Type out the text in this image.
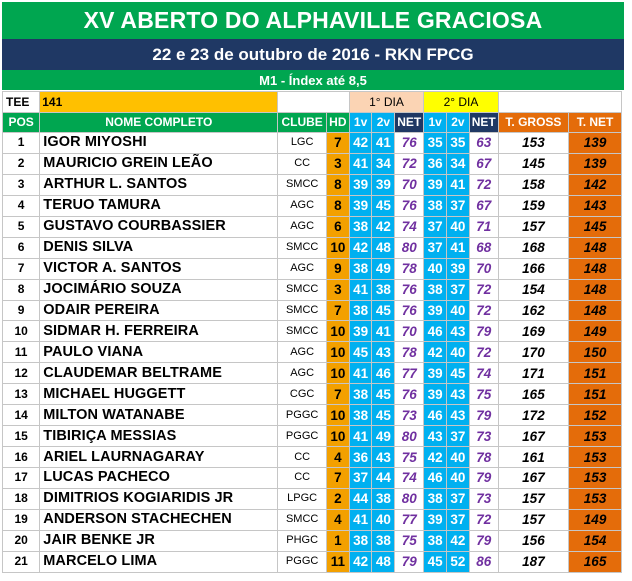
XV ABERTO DO ALPHAVILLE GRACIOSA
22 e 23 de outubro de 2016 - RKN FPCG
M1 - Índex até 8,5
TEE	141			1° DIA			2° DIA				
POS	NOME COMPLETO	CLUBE	HD	1v	2v	NET	1v	2v	NET	T. GROSS	T. NET
1	IGOR MIYOSHI	LGC	7	42	41	76	35	35	63	153	139
2	MAURICIO GREIN LEÃO	CC	3	41	34	72	36	34	67	145	139
3	ARTHUR L. SANTOS	SMCC	8	39	39	70	39	41	72	158	142
4	TERUO TAMURA	AGC	8	39	45	76	38	37	67	159	143
5	GUSTAVO COURBASSIER	AGC	6	38	42	74	37	40	71	157	145
6	DENIS SILVA	SMCC	10	42	48	80	37	41	68	168	148
7	VICTOR A. SANTOS	AGC	9	38	49	78	40	39	70	166	148
8	JOCIMÁRIO SOUZA	SMCC	3	41	38	76	38	37	72	154	148
9	ODAIR PEREIRA	SMCC	7	38	45	76	39	40	72	162	148
10	SIDMAR H. FERREIRA	SMCC	10	39	41	70	46	43	79	169	149
11	PAULO VIANA	AGC	10	45	43	78	42	40	72	170	150
12	CLAUDEMAR BELTRAME	AGC	10	41	46	77	39	45	74	171	151
13	MICHAEL HUGGETT	CGC	7	38	45	76	39	43	75	165	151
14	MILTON WATANABE	PGGC	10	38	45	73	46	43	79	172	152
15	TIBIRIÇA MESSIAS	PGGC	10	41	49	80	43	37	73	167	153
16	ARIEL LAURNAGARAY	CC	4	36	43	75	42	40	78	161	153
17	LUCAS PACHECO	CC	7	37	44	74	46	40	79	167	153
18	DIMITRIOS KOGIARIDIS JR	LPGC	2	44	38	80	38	37	73	157	153
19	ANDERSON STACHECHEN	SMCC	4	41	40	77	39	37	72	157	149
20	JAIR BENKE JR	PHGC	1	38	38	75	38	42	79	156	154
21	MARCELO LIMA	PGGC	11	42	48	79	45	52	86	187	165
